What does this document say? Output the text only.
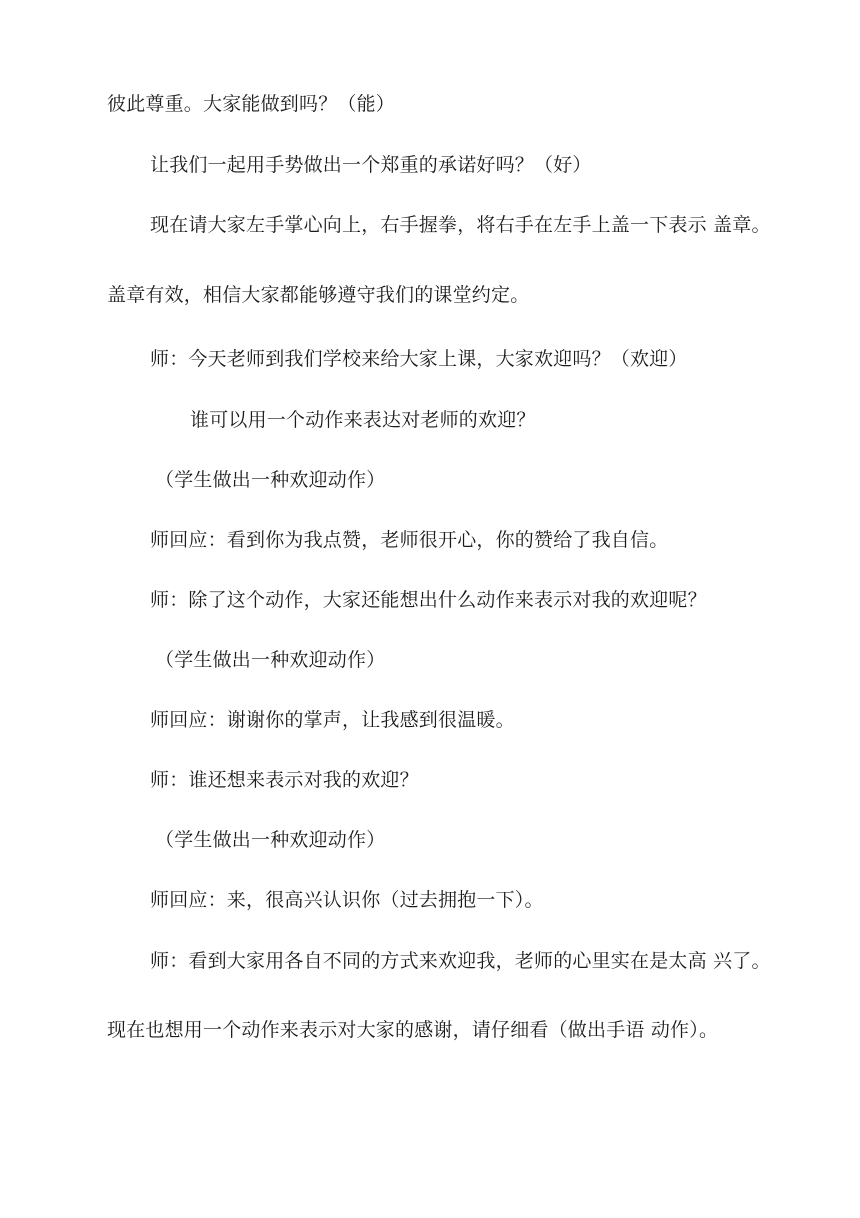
彼此尊重。大家能做到吗？（能）
让我们一起用手势做出一个郑重的承诺好吗？（好）
现在请大家左手掌心向上，右手握拳，将右手在左手上盖一下表示 盖章。
盖章有效，相信大家都能够遵守我们的课堂约定。
师：今天老师到我们学校来给大家上课，大家欢迎吗？（欢迎）
谁可以用一个动作来表达对老师的欢迎？
（学生做出一种欢迎动作）
师回应：看到你为我点赞，老师很开心，你的赞给了我自信。
师：除了这个动作，大家还能想出什么动作来表示对我的欢迎呢？
（学生做出一种欢迎动作）
师回应：谢谢你的掌声，让我感到很温暖。
师：谁还想来表示对我的欢迎？
（学生做出一种欢迎动作）
师回应：来，很高兴认识你（过去拥抱一下）。
师：看到大家用各自不同的方式来欢迎我，老师的心里实在是太高 兴了。
现在也想用一个动作来表示对大家的感谢，请仔细看（做出手语 动作）。
